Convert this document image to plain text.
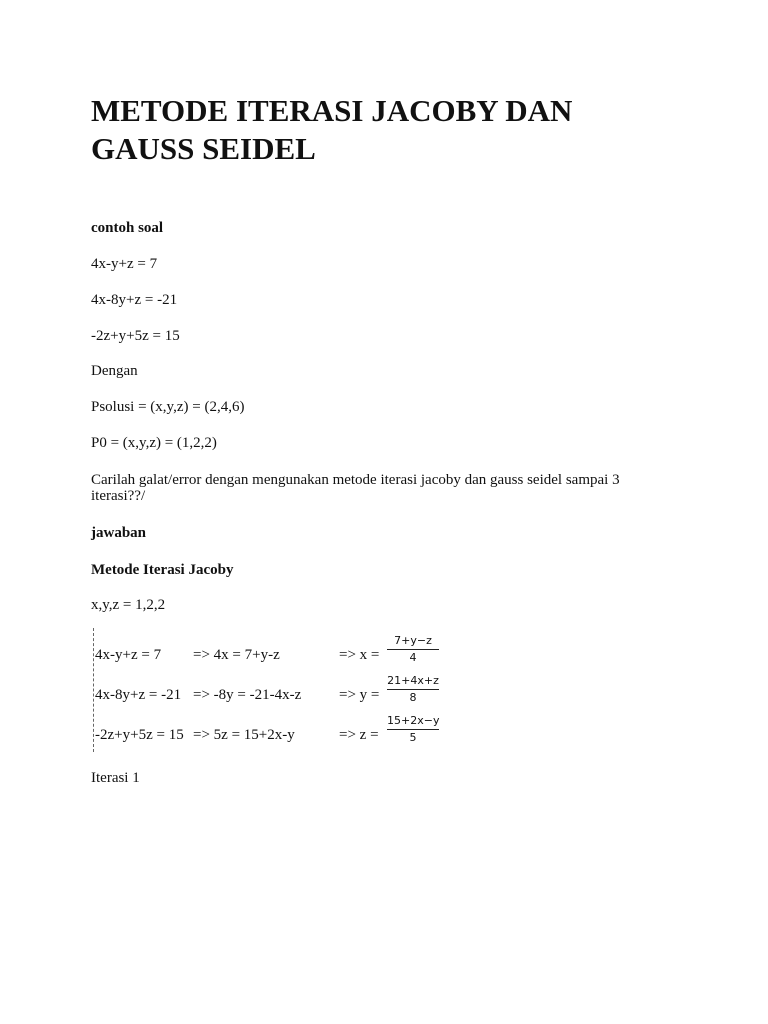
METODE ITERASI JACOBY DAN
GAUSS SEIDEL

contoh soal

4x-y+z = 7

4x-8y+z = -21

-2z+y+5z = 15

Dengan

Psolusi = (x,y,z) = (2,4,6)

P0 = (x,y,z) = (1,2,2)

Carilah galat/error dengan mengunakan metode iterasi jacoby dan gauss seidel sampai 3 iterasi??/

jawaban

Metode Iterasi Jacoby

x,y,z = 1,2,2

4x-y+z = 7 => 4x = 7+y-z	=> $x = \frac{7+y-z}{4}$
4x-8y+z = -21 => -8y = -21-4x-z	=> $y = \frac{21+4x+z}{8}$
-2z+y+5z = 15 => 5z = 15+2x-y	=> $z = \frac{15+2x-y}{5}$

Iterasi 1
